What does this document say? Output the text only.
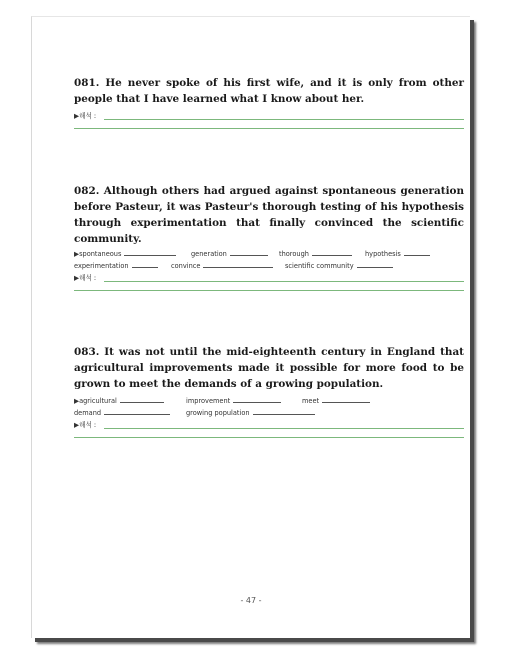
081. He never spoke of his first wife, and it is only from other people that I have learned what I know about her.

▶해석 :

082. Although others had argued against spontaneous generation before Pasteur, it was Pasteur's thorough testing of his hypothesis through experimentation that finally convinced the scientific community.

▶spontaneous	generation	thorough	hypothesis
experimentation	convince	scientific community
▶해석 :

083. It was not until the mid-eighteenth century in England that agricultural improvements made it possible for more food to be grown to meet the demands of a growing population.

▶agricultural	improvement	meet
demand	growing population
▶해석 :
- 47 -
